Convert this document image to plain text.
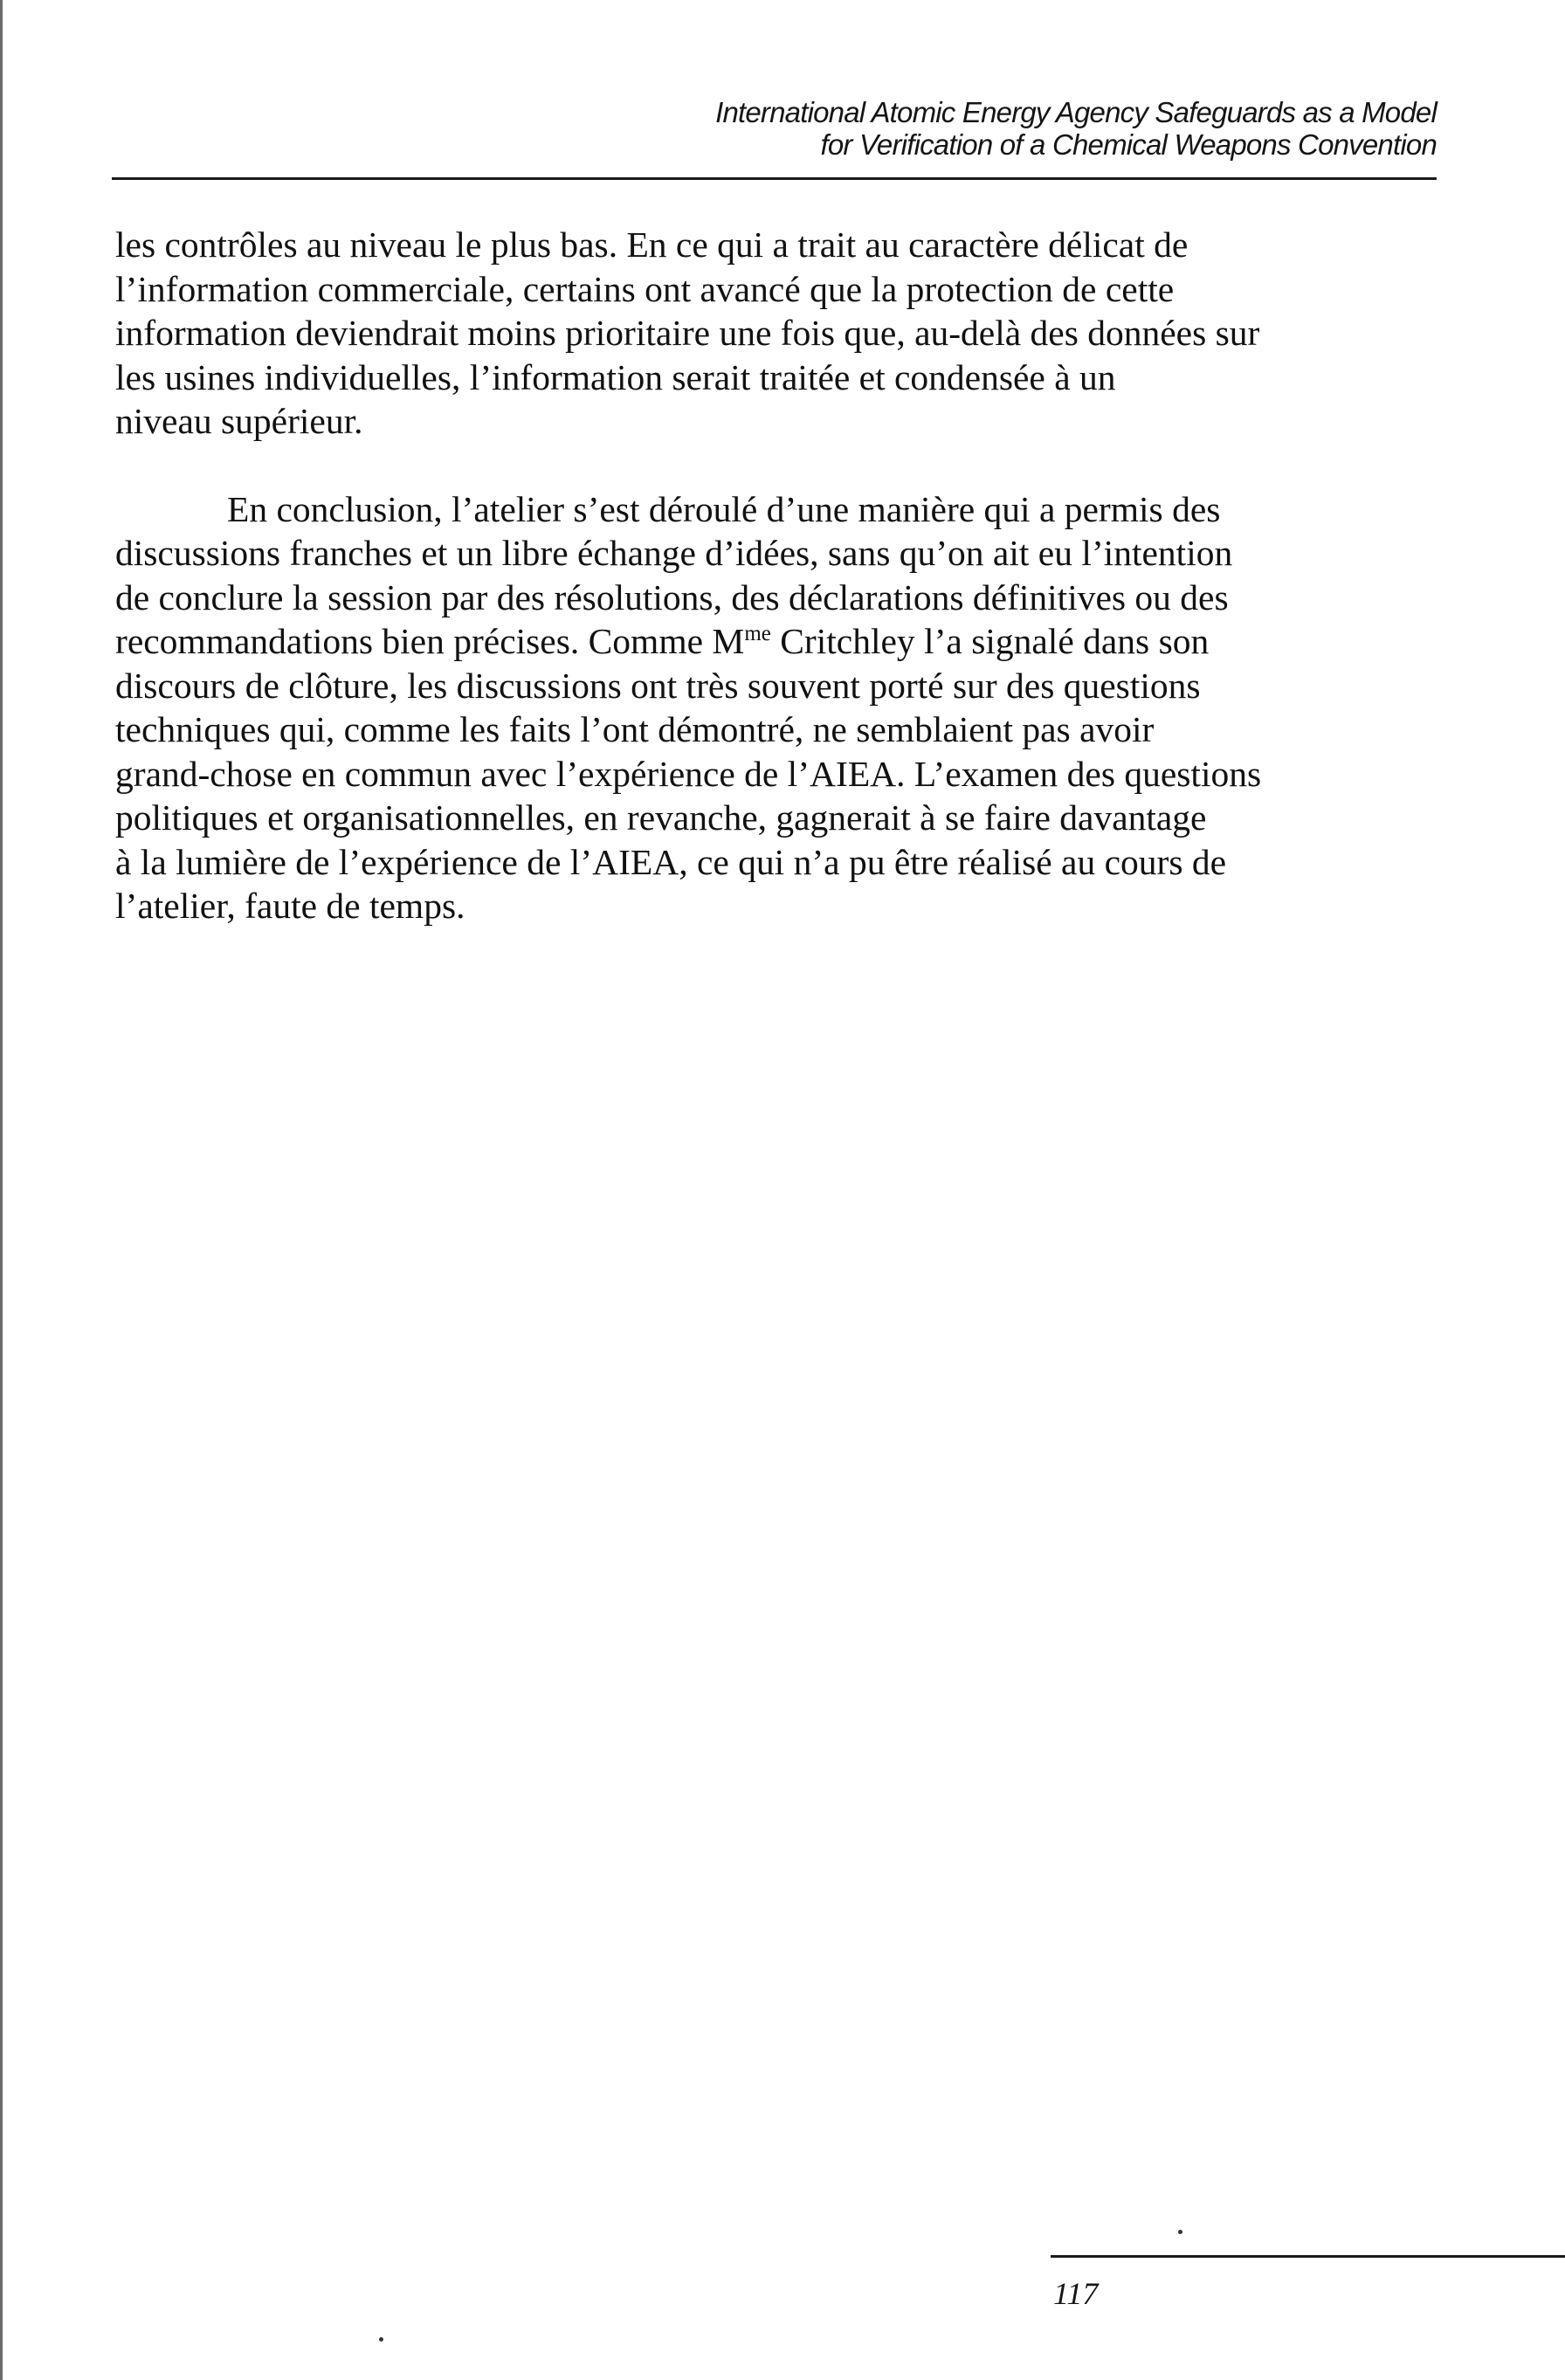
International Atomic Energy Agency Safeguards as a Model
for Verification of a Chemical Weapons Convention
les contrôles au niveau le plus bas. En ce qui a trait au caractère délicat de
l’information commerciale, certains ont avancé que la protection de cette
information deviendrait moins prioritaire une fois que, au-delà des données sur
les usines individuelles, l’information serait traitée et condensée à un
niveau supérieur.
En conclusion, l’atelier s’est déroulé d’une manière qui a permis des
discussions franches et un libre échange d’idées, sans qu’on ait eu l’intention
de conclure la session par des résolutions, des déclarations définitives ou des
recommandations bien précises. Comme $M^{me}$ Critchley l’a signalé dans son
discours de clôture, les discussions ont très souvent porté sur des questions
techniques qui, comme les faits l’ont démontré, ne semblaient pas avoir
grand-chose en commun avec l’expérience de l’AIEA. L’examen des questions
politiques et organisationnelles, en revanche, gagnerait à se faire davantage
à la lumière de l’expérience de l’AIEA, ce qui n’a pu être réalisé au cours de
l’atelier, faute de temps.
117
